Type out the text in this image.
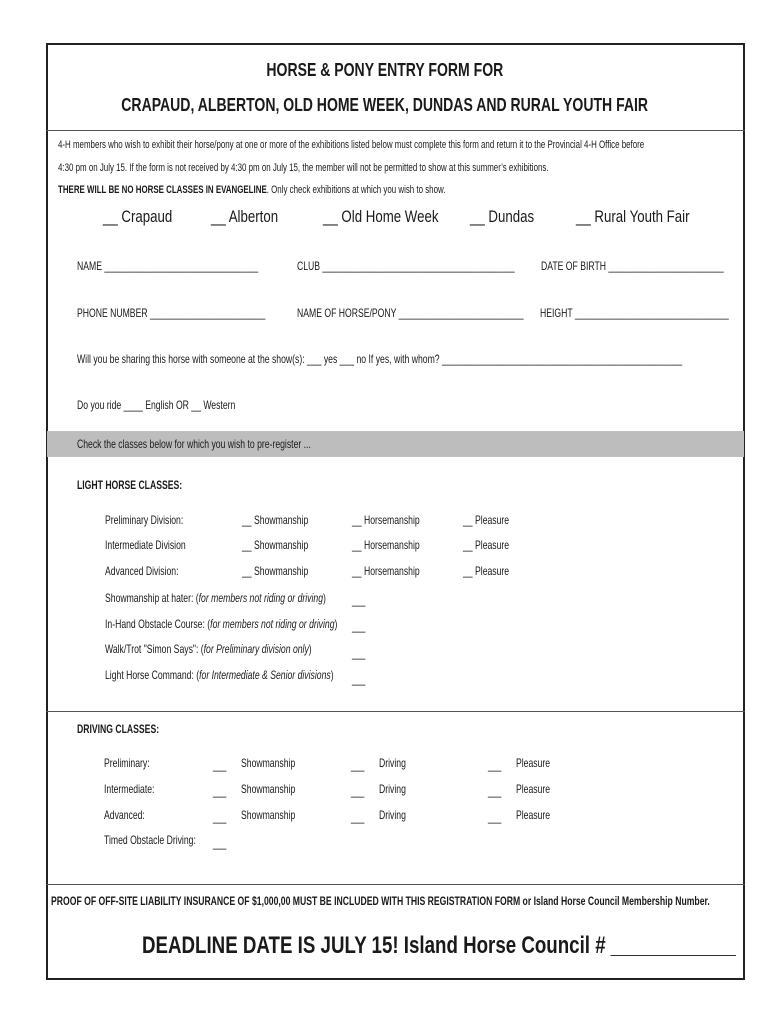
HORSE & PONY ENTRY FORM FOR
CRAPAUD, ALBERTON, OLD HOME WEEK, DUNDAS AND RURAL YOUTH FAIR
4-H members who wish to exhibit their horse/pony at one or more of the exhibitions listed below must complete this form and return it to the Provincial 4-H Office before
4:30 pm on July 15. If the form is not received by 4:30 pm on July 15, the member will not be permitted to show at this summer’s exhibitions.
THERE WILL BE NO HORSE CLASSES IN EVANGELINE. Only check exhibitions at which you wish to show.
__ Crapaud	__ Alberton	__ Old Home Week	__ Dundas	__ Rural Youth Fair
NAME ________________________________	CLUB ________________________________________	DATE OF BIRTH ________________________
PHONE NUMBER ________________________	NAME OF HORSE/PONY __________________________	HEIGHT ________________________________
Will you be sharing this horse with someone at the show(s): ___ yes ___ no If yes, with whom? __________________________________________________
Do you ride ____ English OR __ Western
Check the classes below for which you wish to pre-register ...
LIGHT HORSE CLASSES:
Preliminary Division:	__ Showmanship	__ Horsemanship	__ Pleasure
Intermediate Division	__ Showmanship	__ Horsemanship	__ Pleasure
Advanced Division:	__ Showmanship	__ Horsemanship	__ Pleasure
Showmanship at hater: (for members not riding or driving)	__
In-Hand Obstacle Course: (for members not riding or driving)	__
Walk/Trot "Simon Says": (for Preliminary division only)	__
Light Horse Command: (for Intermediate & Senior divisions)	__
DRIVING CLASSES:
Preliminary:	__ Showmanship	__ Driving	__ Pleasure
Intermediate:	__ Showmanship	__ Driving	__ Pleasure
Advanced:	__ Showmanship	__ Driving	__ Pleasure
Timed Obstacle Driving:	__
PROOF OF OFF-SITE LIABILITY INSURANCE OF $1,000,00 MUST BE INCLUDED WITH THIS REGISTRATION FORM or Island Horse Council Membership Number.
DEADLINE DATE IS JULY 15! Island Horse Council # ____________
